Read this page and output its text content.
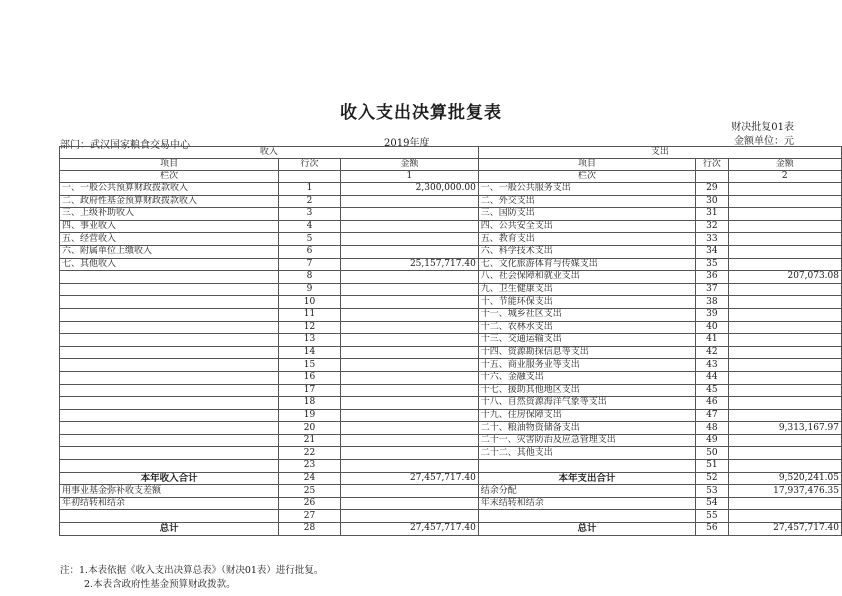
收入支出决算批复表
财决批复01表
金额单位：元
部门：武汉国家粮食交易中心	2019年度
收入			支出		
项目	行次	金额	项目	行次	金额
栏次		1	栏次		2
一、一般公共预算财政拨款收入	1	2,300,000.00	一、一般公共服务支出	29	
二、政府性基金预算财政拨款收入	2		二、外交支出	30	
三、上级补助收入	3		三、国防支出	31	
四、事业收入	4		四、公共安全支出	32	
五、经营收入	5		五、教育支出	33	
六、附属单位上缴收入	6		六、科学技术支出	34	
七、其他收入	7	25,157,717.40	七、文化旅游体育与传媒支出	35	
	8		八、社会保障和就业支出	36	207,073.08
	9		九、卫生健康支出	37	
	10		十、节能环保支出	38	
	11		十一、城乡社区支出	39	
	12		十二、农林水支出	40	
	13		十三、交通运输支出	41	
	14		十四、资源勘探信息等支出	42	
	15		十五、商业服务业等支出	43	
	16		十六、金融支出	44	
	17		十七、援助其他地区支出	45	
	18		十八、自然资源海洋气象等支出	46	
	19		十九、住房保障支出	47	
	20		二十、粮油物资储备支出	48	9,313,167.97
	21		二十一、灾害防治及应急管理支出	49	
	22		二十二、其他支出	50	
	23			51	
本年收入合计	24	27,457,717.40	本年支出合计	52	9,520,241.05
用事业基金弥补收支差额	25		结余分配	53	17,937,476.35
年初结转和结余	26		年末结转和结余	54	
	27			55	
总计	28	27,457,717.40	总计	56	27,457,717.40
注：1.本表依据《收入支出决算总表》（财决01表）进行批复。
2.本表含政府性基金预算财政拨款。
